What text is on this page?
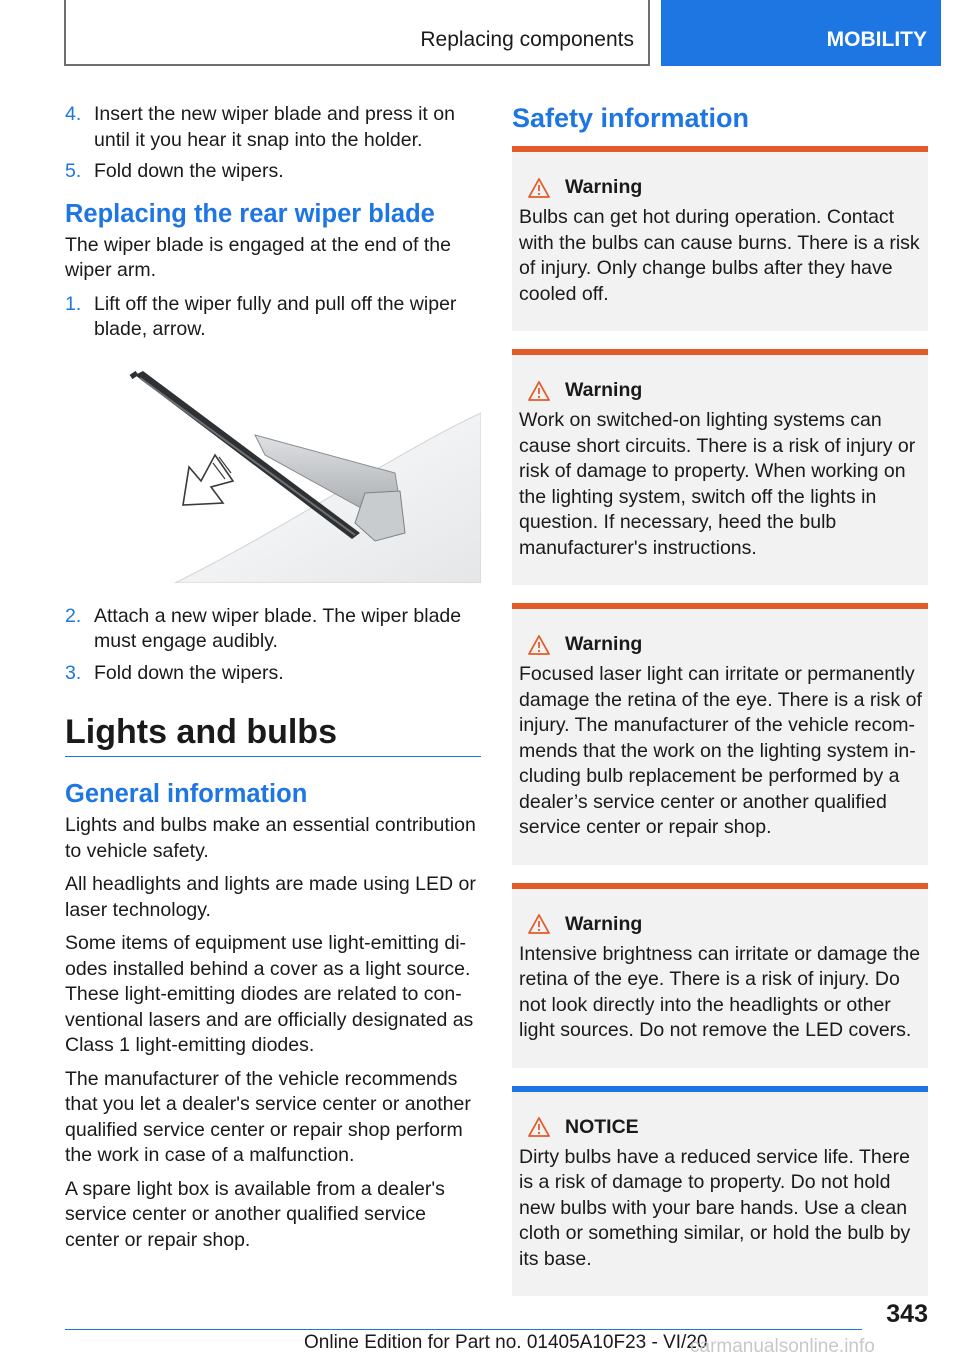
Replacing components	MOBILITY
4. Insert the new wiper blade and press it on until it you hear it snap into the holder.
5. Fold down the wipers.
Replacing the rear wiper blade

The wiper blade is engaged at the end of the wiper arm.

1. Lift off the wiper fully and pull off the wiper blade, arrow.
2. Attach a new wiper blade. The wiper blade must engage audibly.
3. Fold down the wipers.
Lights and bulbs
General information

Lights and bulbs make an essential contribution to vehicle safety.

All headlights and lights are made using LED or laser technology.

Some items of equipment use light-emitting diodes installed behind a cover as a light source. These light-emitting diodes are related to conventional lasers and are officially designated as Class 1 light-emitting diodes.

The manufacturer of the vehicle recommends that you let a dealer's service center or another qualified service center or repair shop perform the work in case of a malfunction.

A spare light box is available from a dealer's service center or another qualified service center or repair shop.

Safety information
Warning
Bulbs can get hot during operation. Contact with the bulbs can cause burns. There is a risk of injury. Only change bulbs after they have cooled off.
Warning
Work on switched-on lighting systems can cause short circuits. There is a risk of injury or risk of damage to property. When working on the lighting system, switch off the lights in question. If necessary, heed the bulb manufacturer's instructions.
Warning
Focused laser light can irritate or permanently damage the retina of the eye. There is a risk of injury. The manufacturer of the vehicle recommends that the work on the lighting system including bulb replacement be performed by a dealer’s service center or another qualified service center or repair shop.
Warning
Intensive brightness can irritate or damage the retina of the eye. There is a risk of injury. Do not look directly into the headlights or other light sources. Do not remove the LED covers.
NOTICE
Dirty bulbs have a reduced service life. There is a risk of damage to property. Do not hold new bulbs with your bare hands. Use a clean cloth or something similar, or hold the bulb by its base.
343
Online Edition for Part no. 01405A10F23 - VI/20
carmanualsonline.info
